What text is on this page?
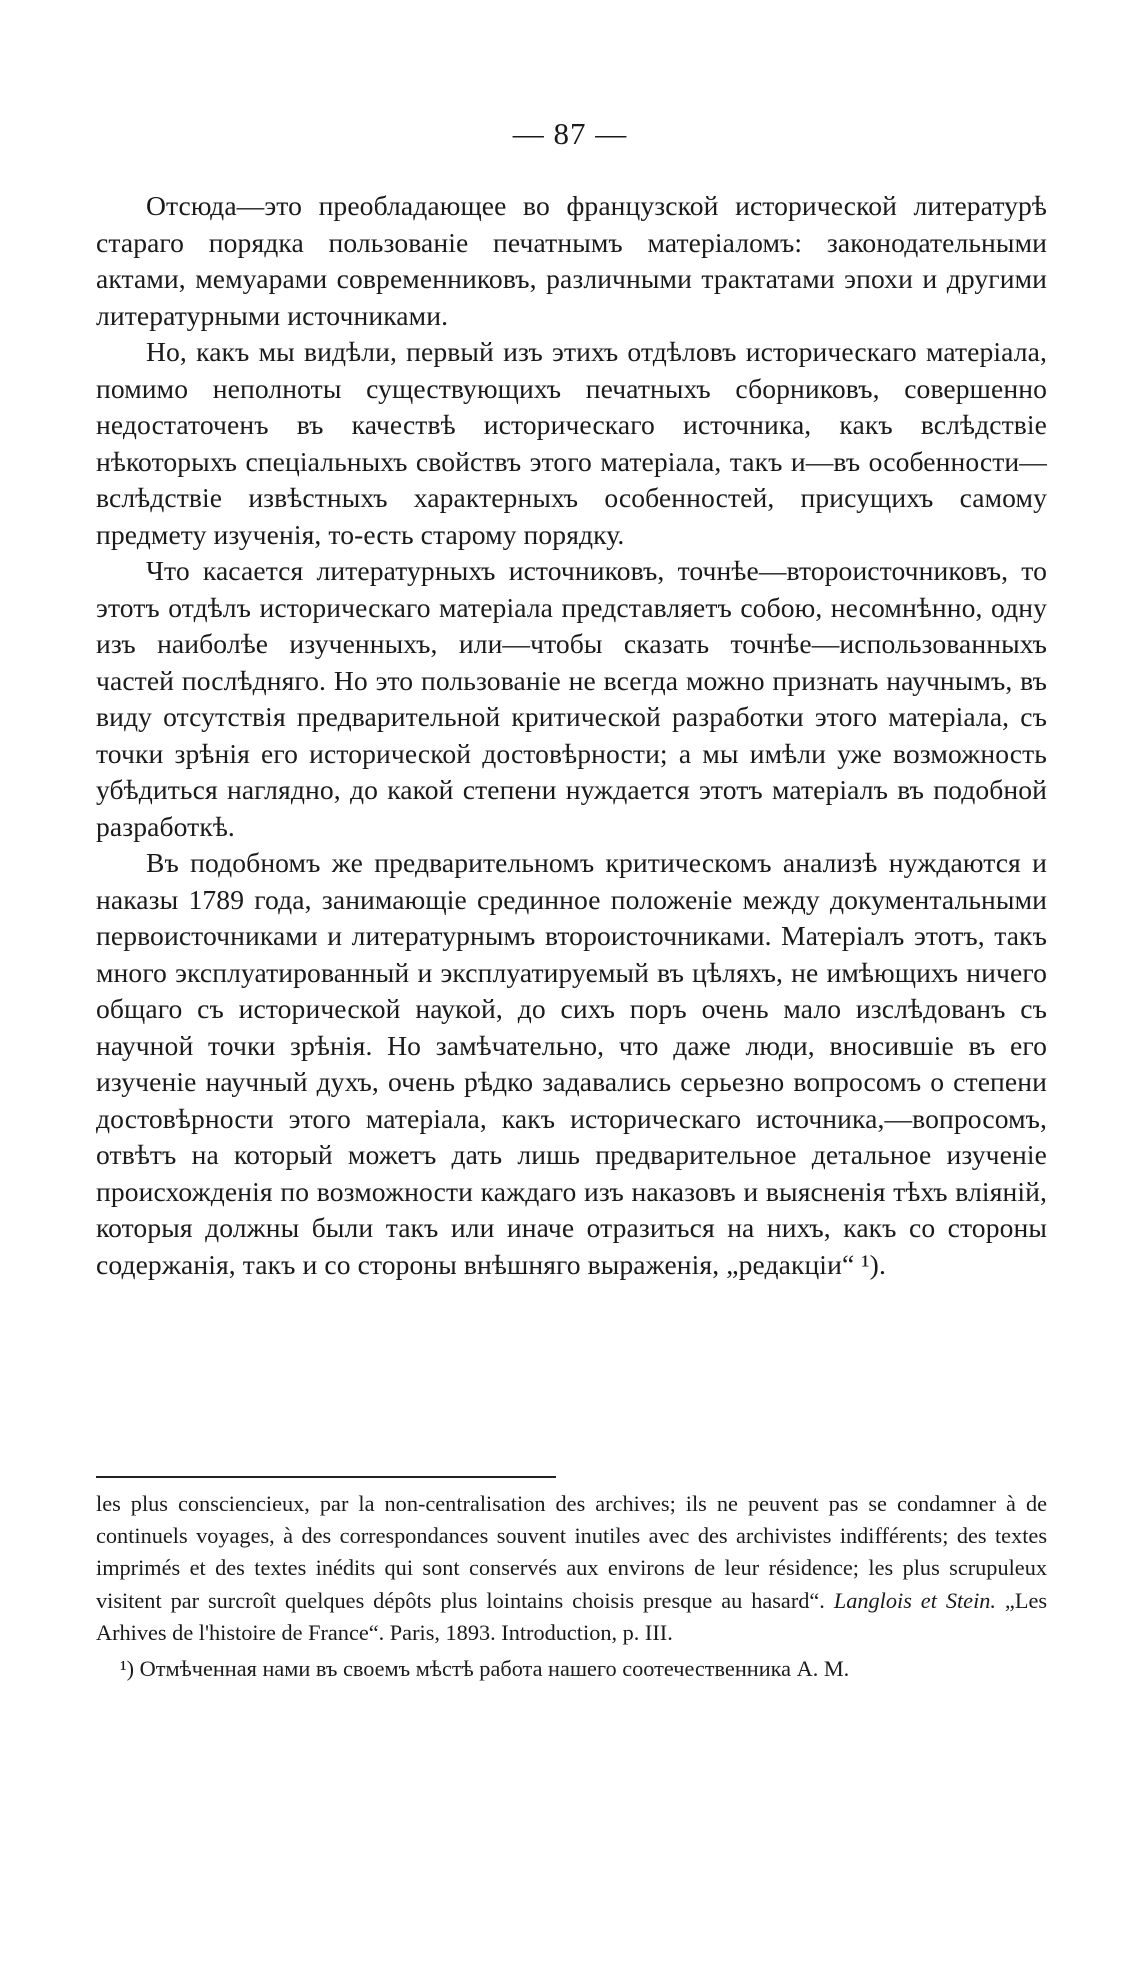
— 87 —

Отсюда—это преобладающее во французской исторической литературѣ стараго порядка пользованіе печатнымъ матеріаломъ: законодательными актами, мемуарами современниковъ, различными трактатами эпохи и другими литературными источниками.

Но, какъ мы видѣли, первый изъ этихъ отдѣловъ историческаго матеріала, помимо неполноты существующихъ печатныхъ сборниковъ, совершенно недостаточенъ въ качествѣ историческаго источника, какъ вслѣдствіе нѣкоторыхъ спеціальныхъ свойствъ этого матеріала, такъ и—въ особенности—вслѣдствіе извѣстныхъ характерныхъ особенностей, присущихъ самому предмету изученія, то-есть старому порядку.

Что касается литературныхъ источниковъ, точнѣе—второисточниковъ, то этотъ отдѣлъ историческаго матеріала представляетъ собою, несомнѣнно, одну изъ наиболѣе изученныхъ, или—чтобы сказать точнѣе—использованныхъ частей послѣдняго. Но это пользованіе не всегда можно признать научнымъ, въ виду отсутствія предварительной критической разработки этого матеріала, съ точки зрѣнія его исторической достовѣрности; а мы имѣли уже возможность убѣдиться наглядно, до какой степени нуждается этотъ матеріалъ въ подобной разработкѣ.

Въ подобномъ же предварительномъ критическомъ анализѣ нуждаются и наказы 1789 года, занимающіе срединное положеніе между документальными первоисточниками и литературнымъ второисточниками. Матеріалъ этотъ, такъ много эксплуатированный и эксплуатируемый въ цѣляхъ, не имѣющихъ ничего общаго съ исторической наукой, до сихъ поръ очень мало изслѣдованъ съ научной точки зрѣнія. Но замѣчательно, что даже люди, вносившіе въ его изученіе научный духъ, очень рѣдко задавались серьезно вопросомъ о степени достовѣрности этого матеріала, какъ историческаго источника,—вопросомъ, отвѣтъ на который можетъ дать лишь предварительное детальное изученіе происхожденія по возможности каждаго изъ наказовъ и выясненія тѣхъ вліяній, которыя должны были такъ или иначе отразиться на нихъ, какъ со стороны содержанія, такъ и со стороны внѣшняго выраженія, „редакціи“ ¹).

les plus consciencieux, par la non-centralisation des archives; ils ne peuvent pas se condamner à de continuels voyages, à des correspondances souvent inutiles avec des archivistes indifférents; des textes imprimés et des textes inédits qui sont conservés aux environs de leur résidence; les plus scrupuleux visitent par surcroît quelques dépôts plus lointains choisis presque au hasard“. Langlois et Stein. „Les Arhives de l'histoire de France“. Paris, 1893. Introduction, p. III.

¹) Отмѣченная нами въ своемъ мѣстѣ работа нашего соотечественника А. М.
